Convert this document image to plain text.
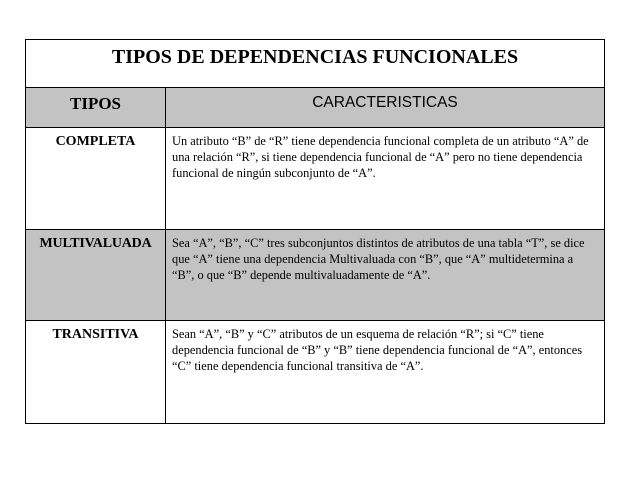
TIPOS DE DEPENDENCIAS FUNCIONALES
TIPOS	CARACTERISTICAS
COMPLETA	Un atributo “B” de “R” tiene dependencia funcional completa de un atributo “A” de una relación “R”, si tiene dependencia funcional de “A” pero no tiene dependencia funcional de ningún subconjunto de “A”.
MULTIVALUADA	Sea “A”, “B”, “C” tres subconjuntos distintos de atributos de una tabla “T”, se dice que “A” tiene una dependencia Multivaluada con “B”, que “A” multidetermina a “B”, o que “B” depende multivaluadamente de “A”.
TRANSITIVA	Sean “A”, “B” y “C” atributos de un esquema de relación “R”; si “C” tiene dependencia funcional de “B” y “B” tiene dependencia funcional de “A”, entonces “C” tiene dependencia funcional transitiva de “A”.
